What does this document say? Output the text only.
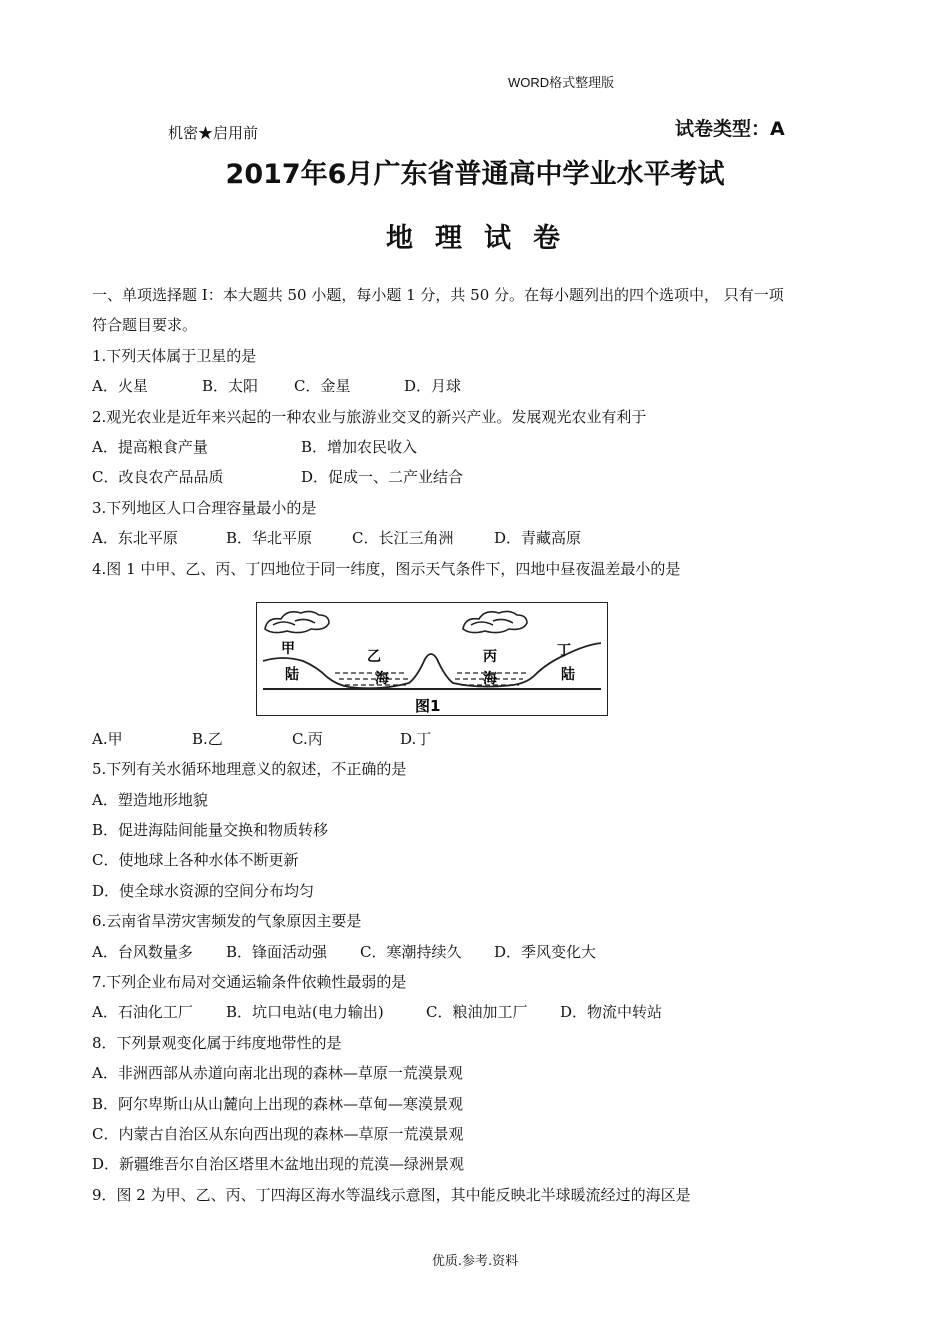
WORD格式整理版
机密★启用前	试卷类型：A
2017年6月广东省普通高中学业水平考试
地理试卷
一、单项选择题 I：本大题共 50 小题，每小题 1 分，共 50 分。在每小题列出的四个选项中， 只有一项
符合题目要求。
1.下列天体属于卫星的是
A．火星	B．太阳 C．金星	D．月球
2.观光农业是近年来兴起的一种农业与旅游业交叉的新兴产业。发展观光农业有利于
A．提高粮食产量	B．增加农民收入
C．改良农产品品质	D．促成一、二产业结合
3.下列地区人口合理容量最小的是
A．东北平原	B．华北平原	C．长江三角洲	D．青藏高原
4.图 1 中甲、乙、丙、丁四地位于同一纬度，图示天气条件下，四地中昼夜温差最小的是
甲
陆
乙
海
丙
海
丁
陆
图1
A.甲	B.乙	C.丙	D.丁
5.下列有关水循环地理意义的叙述，不正确的是
A．塑造地形地貌
B．促进海陆间能量交换和物质转移
C．使地球上各种水体不断更新
D．使全球水资源的空间分布均匀
6.云南省旱涝灾害频发的气象原因主要是
A．台风数量多 B．锋面活动强 C．寒潮持续久 D．季风变化大
7.下列企业布局对交通运输条件依赖性最弱的是
A．石油化工厂 B．坑口电站(电力输出)	C．粮油加工厂 D．物流中转站
8．下列景观变化属于纬度地带性的是
A．非洲西部从赤道向南北出现的森林—草原一荒漠景观
B．阿尔卑斯山从山麓向上出现的森林—草甸—寒漠景观
C．内蒙古自治区从东向西出现的森林—草原一荒漠景观
D．新疆维吾尔自治区塔里木盆地出现的荒漠—绿洲景观
9．图 2 为甲、乙、丙、丁四海区海水等温线示意图，其中能反映北半球暖流经过的海区是
优质.参考.资料
